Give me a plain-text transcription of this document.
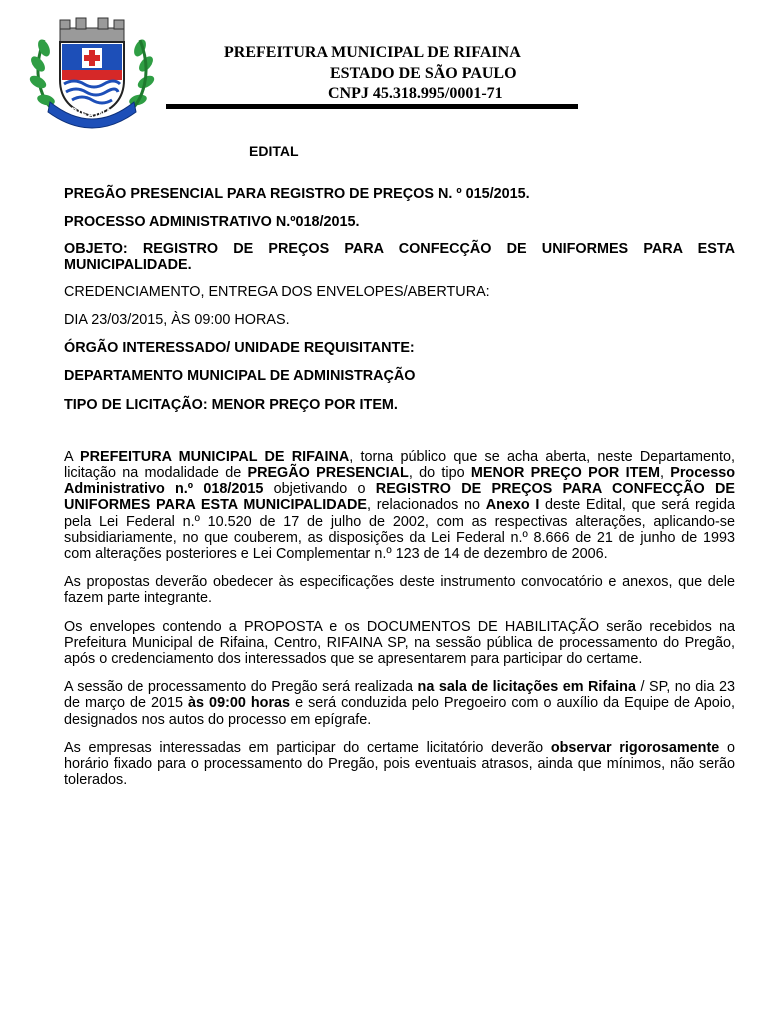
RIFAINA
PREFEITURA MUNICIPAL DE RIFAINA
ESTADO DE SÃO PAULO
CNPJ 45.318.995/0001-71
EDITAL

PREGÃO PRESENCIAL PARA REGISTRO DE PREÇOS N. º 015/2015.

PROCESSO ADMINISTRATIVO N.º018/2015.

OBJETO: REGISTRO DE PREÇOS PARA CONFECÇÃO DE UNIFORMES PARA ESTA MUNICIPALIDADE.

CREDENCIAMENTO, ENTREGA DOS ENVELOPES/ABERTURA:

DIA 23/03/2015, ÀS 09:00 HORAS.

ÓRGÃO INTERESSADO/ UNIDADE REQUISITANTE:

DEPARTAMENTO MUNICIPAL DE ADMINISTRAÇÃO

TIPO DE LICITAÇÃO: MENOR PREÇO POR ITEM.

A PREFEITURA MUNICIPAL DE RIFAINA, torna público que se acha aberta, neste Departamento, licitação na modalidade de PREGÃO PRESENCIAL, do tipo MENOR PREÇO POR ITEM, Processo Administrativo n.º 018/2015 objetivando o REGISTRO DE PREÇOS PARA CONFECÇÃO DE UNIFORMES PARA ESTA MUNICIPALIDADE, relacionados no Anexo I deste Edital, que será regida pela Lei Federal n.º 10.520 de 17 de julho de 2002, com as respectivas alterações, aplicando-se subsidiariamente, no que couberem, as disposições da Lei Federal n.º 8.666 de 21 de junho de 1993 com alterações posteriores e Lei Complementar n.º 123 de 14 de dezembro de 2006.

As propostas deverão obedecer às especificações deste instrumento convocatório e anexos, que dele fazem parte integrante.

Os envelopes contendo a PROPOSTA e os DOCUMENTOS DE HABILITAÇÃO serão recebidos na Prefeitura Municipal de Rifaina, Centro, RIFAINA SP, na sessão pública de processamento do Pregão, após o credenciamento dos interessados que se apresentarem para participar do certame.

A sessão de processamento do Pregão será realizada na sala de licitações em Rifaina / SP, no dia 23 de março de 2015 às 09:00 horas e será conduzida pelo Pregoeiro com o auxílio da Equipe de Apoio, designados nos autos do processo em epígrafe.

As empresas interessadas em participar do certame licitatório deverão observar rigorosamente o horário fixado para o processamento do Pregão, pois eventuais atrasos, ainda que mínimos, não serão tolerados.
